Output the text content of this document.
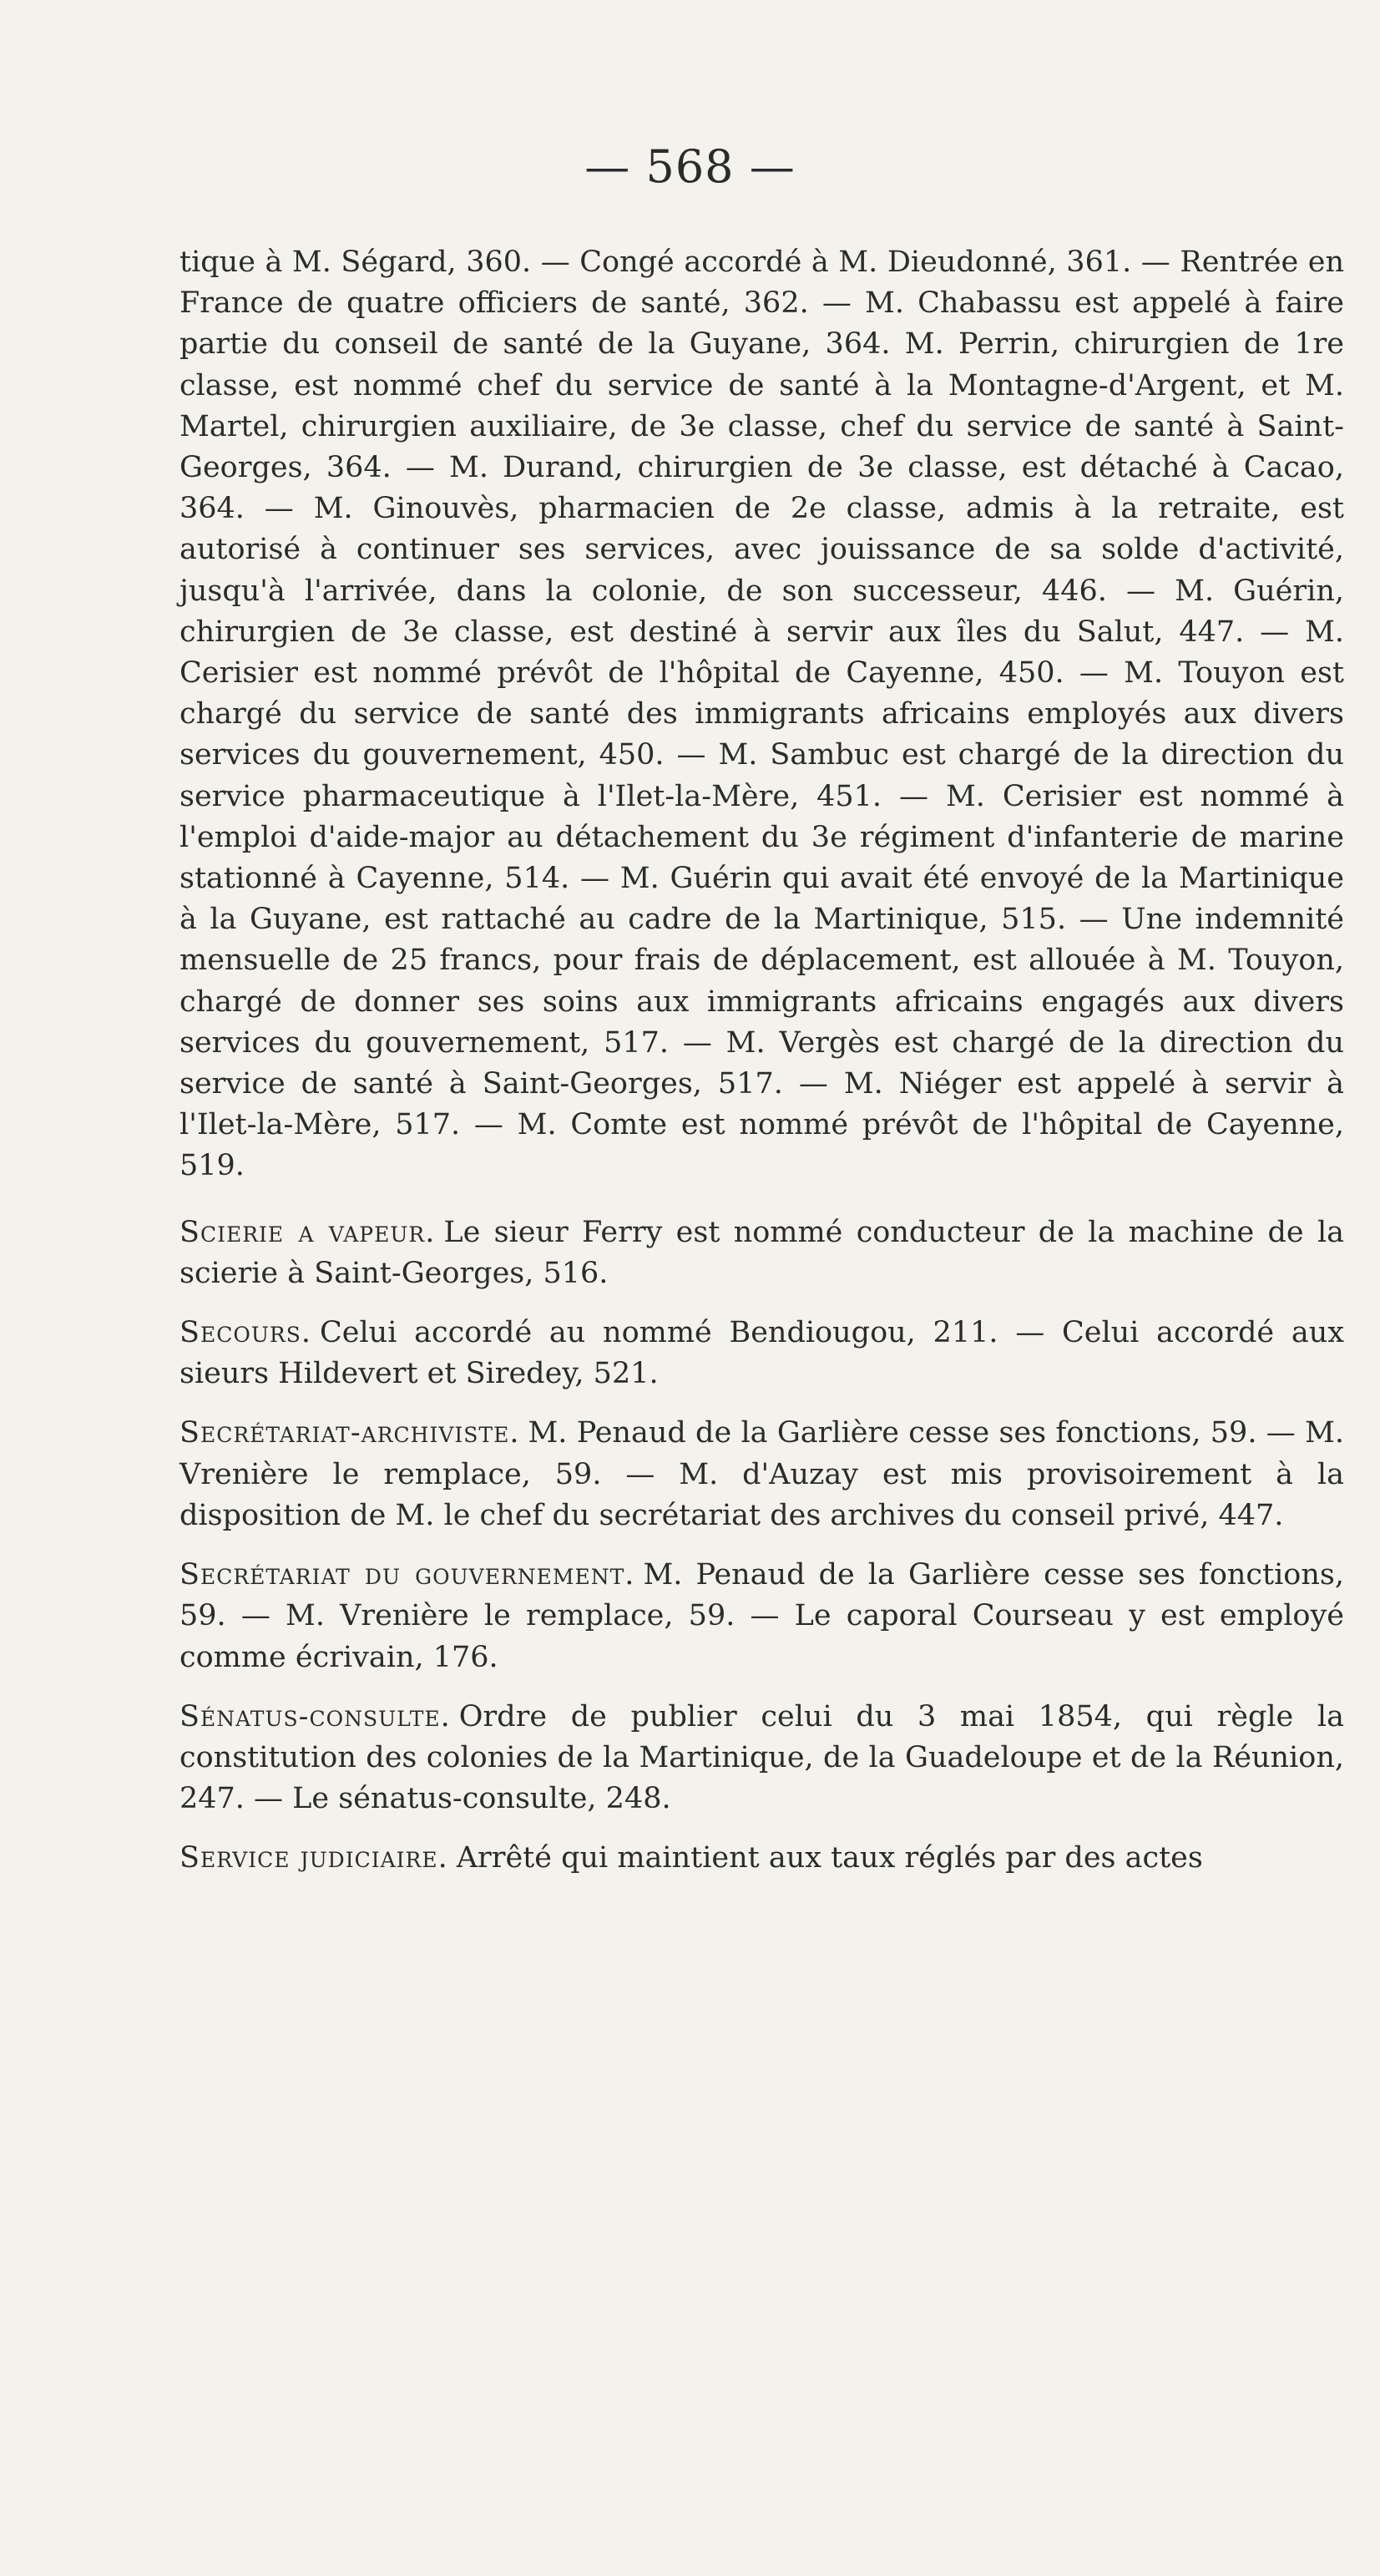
— 568 —

tique à M. Ségard, 360. — Congé accordé à M. Dieudonné, 361. — Rentrée en France de quatre officiers de santé, 362. — M. Chabassu est appelé à faire partie du conseil de santé de la Guyane, 364. M. Perrin, chirurgien de 1re classe, est nommé chef du service de santé à la Montagne-d'Argent, et M. Martel, chirurgien auxiliaire, de 3e classe, chef du service de santé à Saint-Georges, 364. — M. Durand, chirurgien de 3e classe, est détaché à Cacao, 364. — M. Ginouvès, pharmacien de 2e classe, admis à la retraite, est autorisé à continuer ses services, avec jouissance de sa solde d'activité, jusqu'à l'arrivée, dans la colonie, de son successeur, 446. — M. Guérin, chirurgien de 3e classe, est destiné à servir aux îles du Salut, 447. — M. Cerisier est nommé prévôt de l'hôpital de Cayenne, 450. — M. Touyon est chargé du service de santé des immigrants africains employés aux divers services du gouvernement, 450. — M. Sambuc est chargé de la direction du service pharmaceutique à l'Ilet-la-Mère, 451. — M. Cerisier est nommé à l'emploi d'aide-major au détachement du 3e régiment d'infanterie de marine stationné à Cayenne, 514. — M. Guérin qui avait été envoyé de la Martinique à la Guyane, est rattaché au cadre de la Martinique, 515. — Une indemnité mensuelle de 25 francs, pour frais de déplacement, est allouée à M. Touyon, chargé de donner ses soins aux immigrants africains engagés aux divers services du gouvernement, 517. — M. Vergès est chargé de la direction du service de santé à Saint-Georges, 517. — M. Niéger est appelé à servir à l'Ilet-la-Mère, 517. — M. Comte est nommé prévôt de l'hôpital de Cayenne, 519.

Scierie a vapeur. Le sieur Ferry est nommé conducteur de la machine de la scierie à Saint-Georges, 516.

Secours. Celui accordé au nommé Bendiougou, 211. — Celui accordé aux sieurs Hildevert et Siredey, 521.

Secrétariat-archiviste. M. Penaud de la Garlière cesse ses fonctions, 59. — M. Vrenière le remplace, 59. — M. d'Auzay est mis provisoirement à la disposition de M. le chef du secrétariat des archives du conseil privé, 447.

Secrétariat du gouvernement. M. Penaud de la Garlière cesse ses fonctions, 59. — M. Vrenière le remplace, 59. — Le caporal Courseau y est employé comme écrivain, 176.

Sénatus-consulte. Ordre de publier celui du 3 mai 1854, qui règle la constitution des colonies de la Martinique, de la Guadeloupe et de la Réunion, 247. — Le sénatus-consulte, 248.

Service judiciaire. Arrêté qui maintient aux taux réglés par des actes
